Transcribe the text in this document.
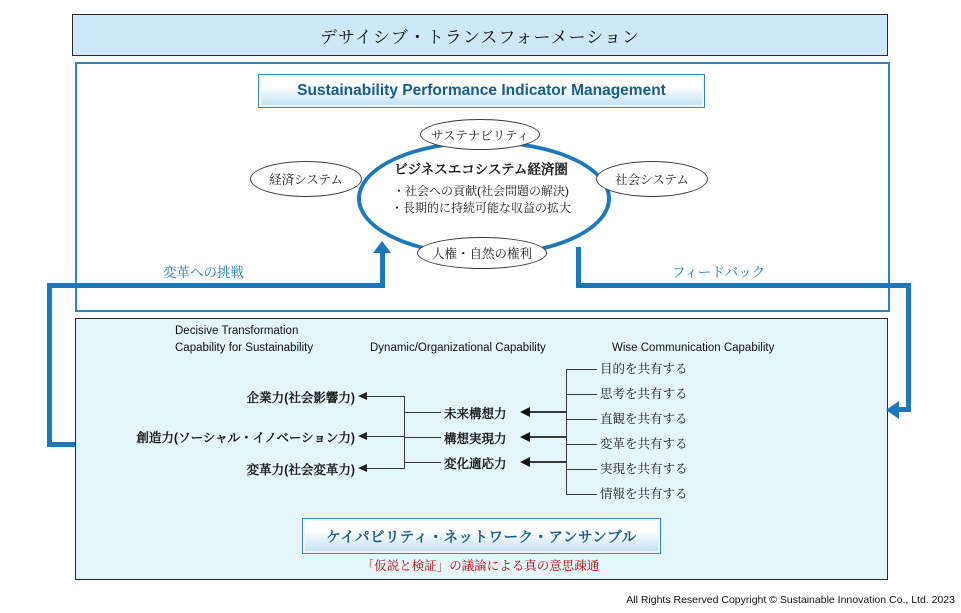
デサイシブ・トランスフォーメーション
Sustainability Performance Indicator Management
ビジネスエコシステム経済圏
・社会への貢献(社会問題の解決)
・長期的に持続可能な収益の拡大
サステナビリティ
経済システム	社会システム
人権・自然の権利
変革への挑戦	フィードバック
Decisive Transformation
Capability for Sustainability	Dynamic/Organizational Capability	Wise Communication Capability
企業力(社会影響力)
創造力(ソーシャル・イノベーション力)
変革力(社会変革力)
未来構想力
構想実現力
変化適応力
目的を共有する
思考を共有する
直観を共有する
変革を共有する
実現を共有する
情報を共有する
ケイパビリティ・ネットワーク・アンサンブル
「仮説と検証」の議論による真の意思疎通
All Rights Reserved Copyright © Sustainable Innovation Co., Ltd. 2023
